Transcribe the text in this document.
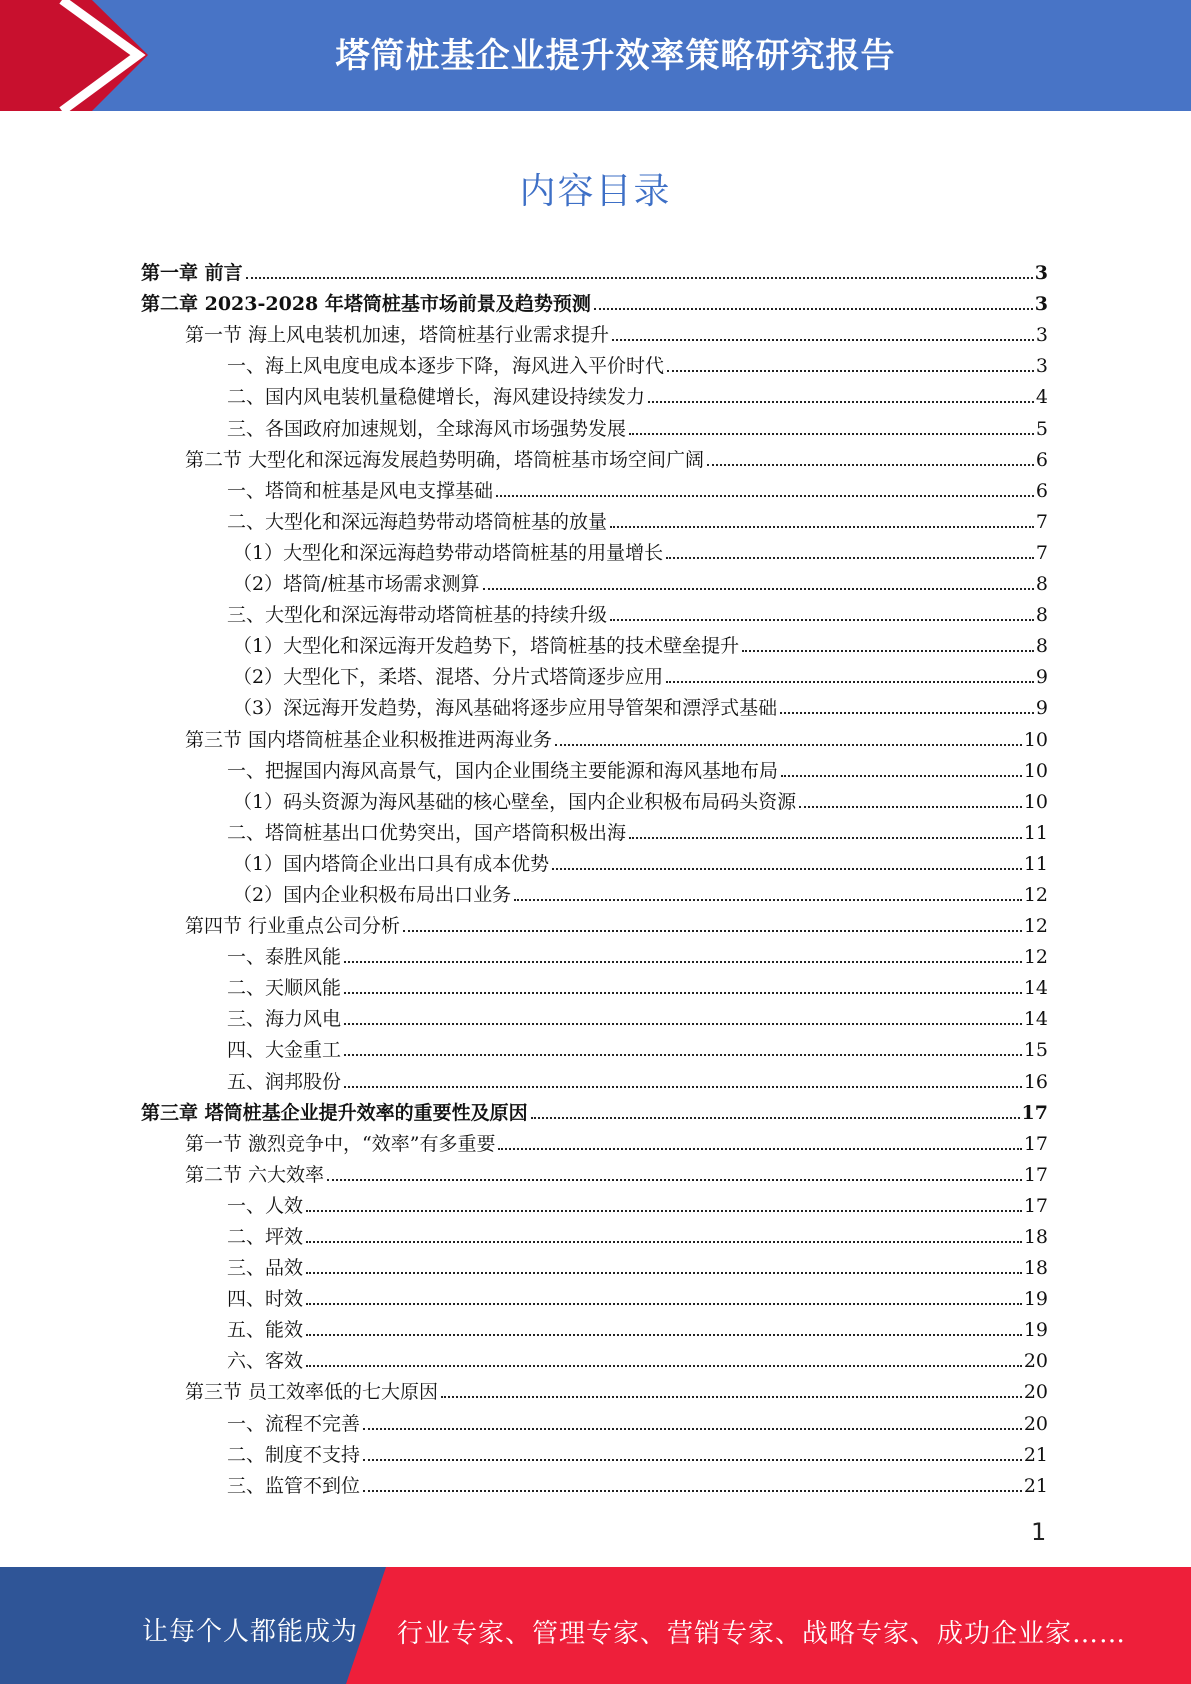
塔筒桩基企业提升效率策略研究报告
内容目录
第一章 前言	3
第二章 2023-2028 年塔筒桩基市场前景及趋势预测	3
第一节 海上风电装机加速，塔筒桩基行业需求提升	3
一、海上风电度电成本逐步下降，海风进入平价时代	3
二、国内风电装机量稳健增长，海风建设持续发力	4
三、各国政府加速规划，全球海风市场强势发展	5
第二节 大型化和深远海发展趋势明确，塔筒桩基市场空间广阔	6
一、塔筒和桩基是风电支撑基础	6
二、大型化和深远海趋势带动塔筒桩基的放量	7
（1）大型化和深远海趋势带动塔筒桩基的用量增长	7
（2）塔筒/桩基市场需求测算	8
三、大型化和深远海带动塔筒桩基的持续升级	8
（1）大型化和深远海开发趋势下，塔筒桩基的技术壁垒提升	8
（2）大型化下，柔塔、混塔、分片式塔筒逐步应用	9
（3）深远海开发趋势，海风基础将逐步应用导管架和漂浮式基础	9
第三节 国内塔筒桩基企业积极推进两海业务	10
一、把握国内海风高景气，国内企业围绕主要能源和海风基地布局	10
（1）码头资源为海风基础的核心壁垒，国内企业积极布局码头资源	10
二、塔筒桩基出口优势突出，国产塔筒积极出海	11
（1）国内塔筒企业出口具有成本优势	11
（2）国内企业积极布局出口业务	12
第四节 行业重点公司分析	12
一、泰胜风能	12
二、天顺风能	14
三、海力风电	14
四、大金重工	15
五、润邦股份	16
第三章 塔筒桩基企业提升效率的重要性及原因	17
第一节 激烈竞争中，“效率”有多重要	17
第二节 六大效率	17
一、人效	17
二、坪效	18
三、品效	18
四、时效	19
五、能效	19
六、客效	20
第三节 员工效率低的七大原因	20
一、流程不完善	20
二、制度不支持	21
三、监管不到位	21
1
让每个人都能成为 行业专家、管理专家、营销专家、战略专家、成功企业家……
